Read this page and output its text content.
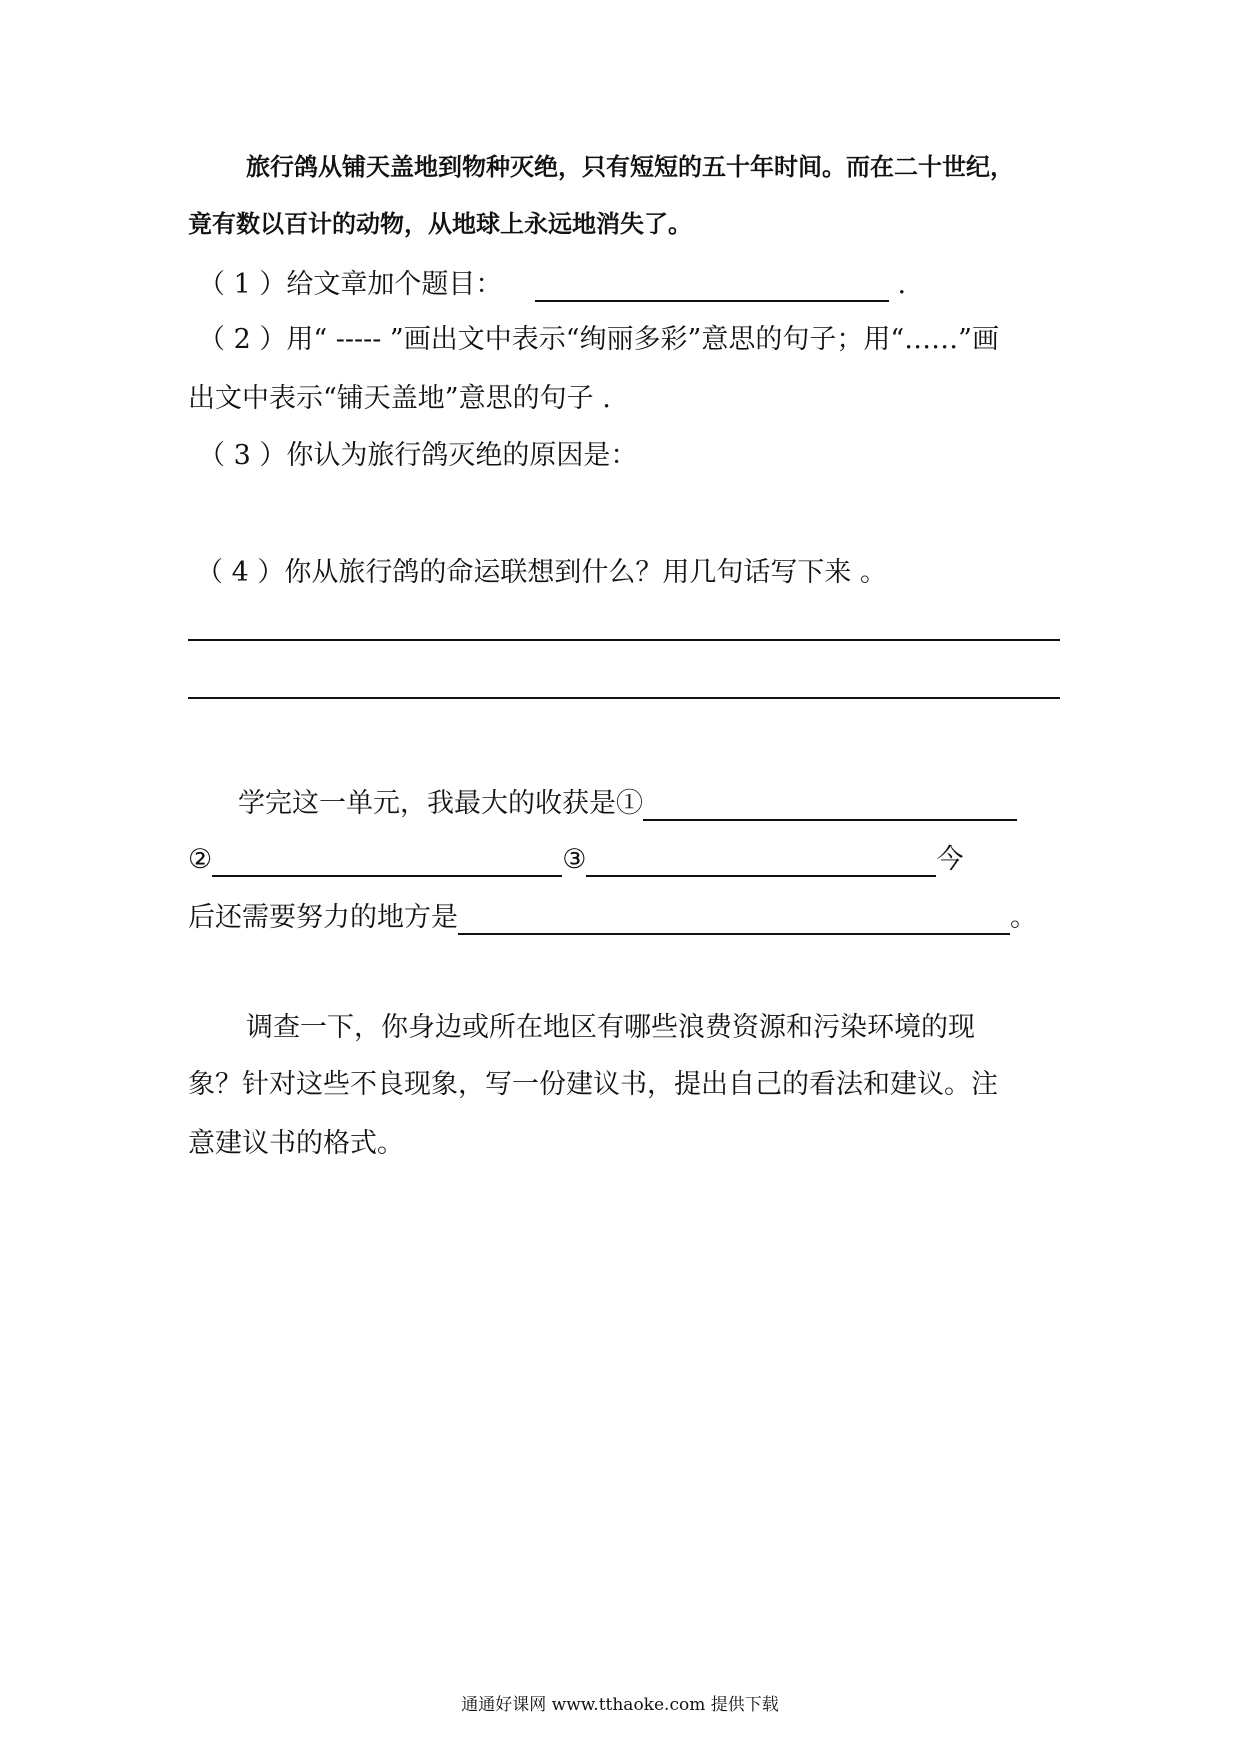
旅行鸽从铺天盖地到物种灭绝，只有短短的五十年时间。而在二十世纪，
竟有数以百计的动物，从地球上永远地消失了。
（ 1 ）给文章加个题目：	.
（ 2 ）用“ ----- ”画出文中表示“绚丽多彩”意思的句子；用“……”画
出文中表示“铺天盖地”意思的句子 .
（ 3 ）你认为旅行鸽灭绝的原因是：
（ 4 ）你从旅行鸽的命运联想到什么？用几句话写下来 。
学完这一单元，我最大的收获是①
②	③	今
后还需要努力的地方是	。
调查一下，你身边或所在地区有哪些浪费资源和污染环境的现
象？针对这些不良现象，写一份建议书，提出自己的看法和建议。注
意建议书的格式。
通通好课网 www.tthaoke.com 提供下载
